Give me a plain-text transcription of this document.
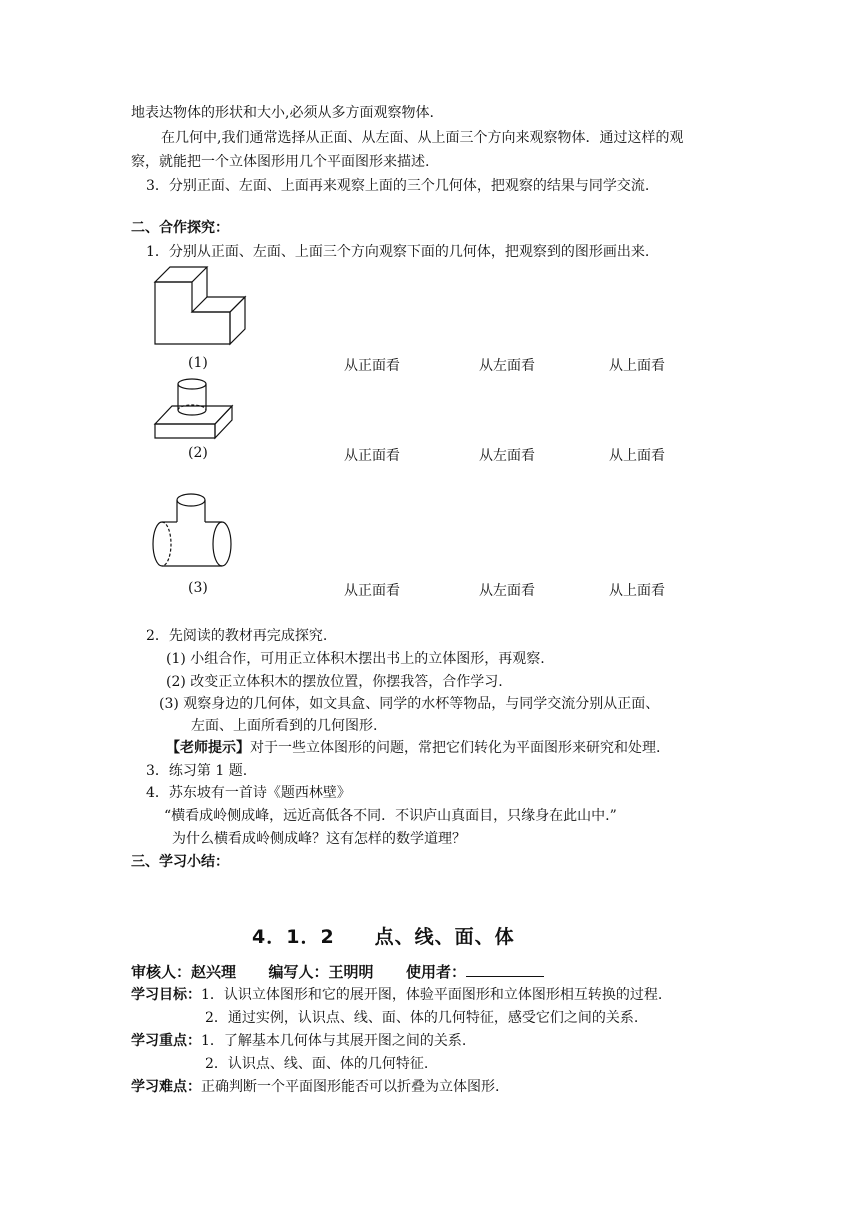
地表达物体的形状和大小,必须从多方面观察物体.
在几何中,我们通常选择从正面、从左面、从上面三个方向来观察物体．通过这样的观
察，就能把一个立体图形用几个平面图形来描述.
3．分别正面、左面、上面再来观察上面的三个几何体，把观察的结果与同学交流.
二、合作探究：
1．分别从正面、左面、上面三个方向观察下面的几何体，把观察到的图形画出来.
(1)	从正面看	从左面看	从上面看
(2)	从正面看	从左面看	从上面看
(3)	从正面看	从左面看	从上面看
2．先阅读的教材再完成探究.
(1) 小组合作，可用正立体积木摆出书上的立体图形，再观察.
(2) 改变正立体积木的摆放位置，你摆我答，合作学习.
(3) 观察身边的几何体，如文具盒、同学的水杯等物品，与同学交流分别从正面、
左面、上面所看到的几何图形.
【老师提示】对于一些立体图形的问题，常把它们转化为平面图形来研究和处理.
3．练习第 1 题.
4．苏东坡有一首诗《题西林壁》
“横看成岭侧成峰，远近高低各不同．不识庐山真面目，只缘身在此山中.”
为什么横看成岭侧成峰？这有怎样的数学道理？
三、学习小结：
4．1．2　　点、线、面、体
审核人：赵兴理 编写人：王明明 使用者：
学习目标：1．认识立体图形和它的展开图，体验平面图形和立体图形相互转换的过程.
2．通过实例，认识点、线、面、体的几何特征，感受它们之间的关系.
学习重点：1．了解基本几何体与其展开图之间的关系.
2．认识点、线、面、体的几何特征.
学习难点：正确判断一个平面图形能否可以折叠为立体图形.
